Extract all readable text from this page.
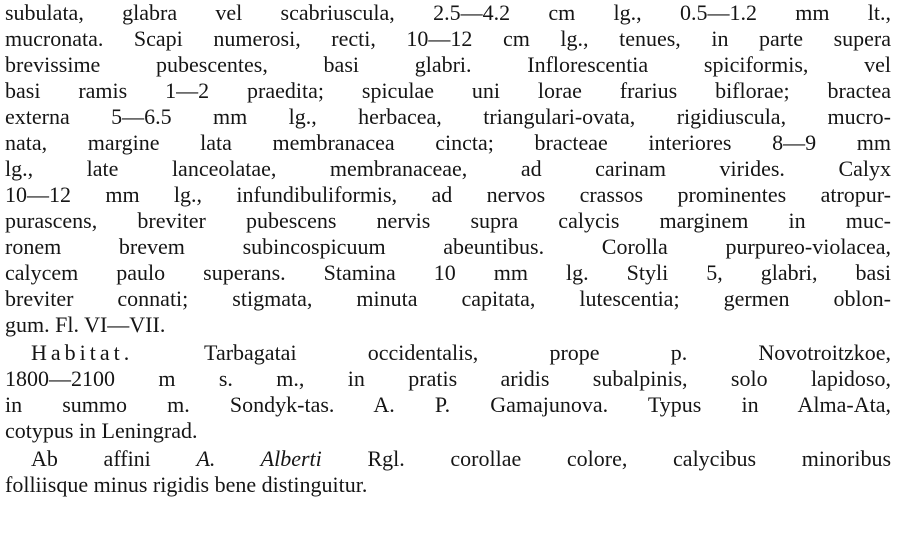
subulata, glabra vel scabriuscula, 2.5—4.2 cm lg., 0.5—1.2 mm lt.,
mucronata. Scapi numerosi, recti, 10—12 cm lg., tenues, in parte supera
brevissime pubescentes, basi glabri. Inflorescentia spiciformis, vel
basi ramis 1—2 praedita; spiculae uni lorae frarius biflorae; bractea
externa 5—6.5 mm lg., herbacea, triangulari-ovata, rigidiuscula, mucro-
nata, margine lata membranacea cincta; bracteae interiores 8—9 mm
lg., late lanceolatae, membranaceae, ad carinam virides. Calyx
10—12 mm lg., infundibuliformis, ad nervos crassos prominentes atropur-
purascens, breviter pubescens nervis supra calycis marginem in muc-
ronem brevem subincospicuum abeuntibus. Corolla purpureo-violacea,
calycem paulo superans. Stamina 10 mm lg. Styli 5, glabri, basi
breviter connati; stigmata, minuta capitata, lutescentia; germen oblon-
gum. Fl. VI—VII.
Habitat.	Tarbagatai occidentalis, prope p. Novotroitzkoe,
1800—2100 m s. m., in pratis aridis subalpinis, solo lapidoso,
in summo m. Sondyk-tas. A. P. Gamajunova. Typus in Alma-Ata,
cotypus in Leningrad.
Ab affini A. Alberti Rgl. corollae colore, calycibus minoribus
folliisque minus rigidis bene distinguitur.
